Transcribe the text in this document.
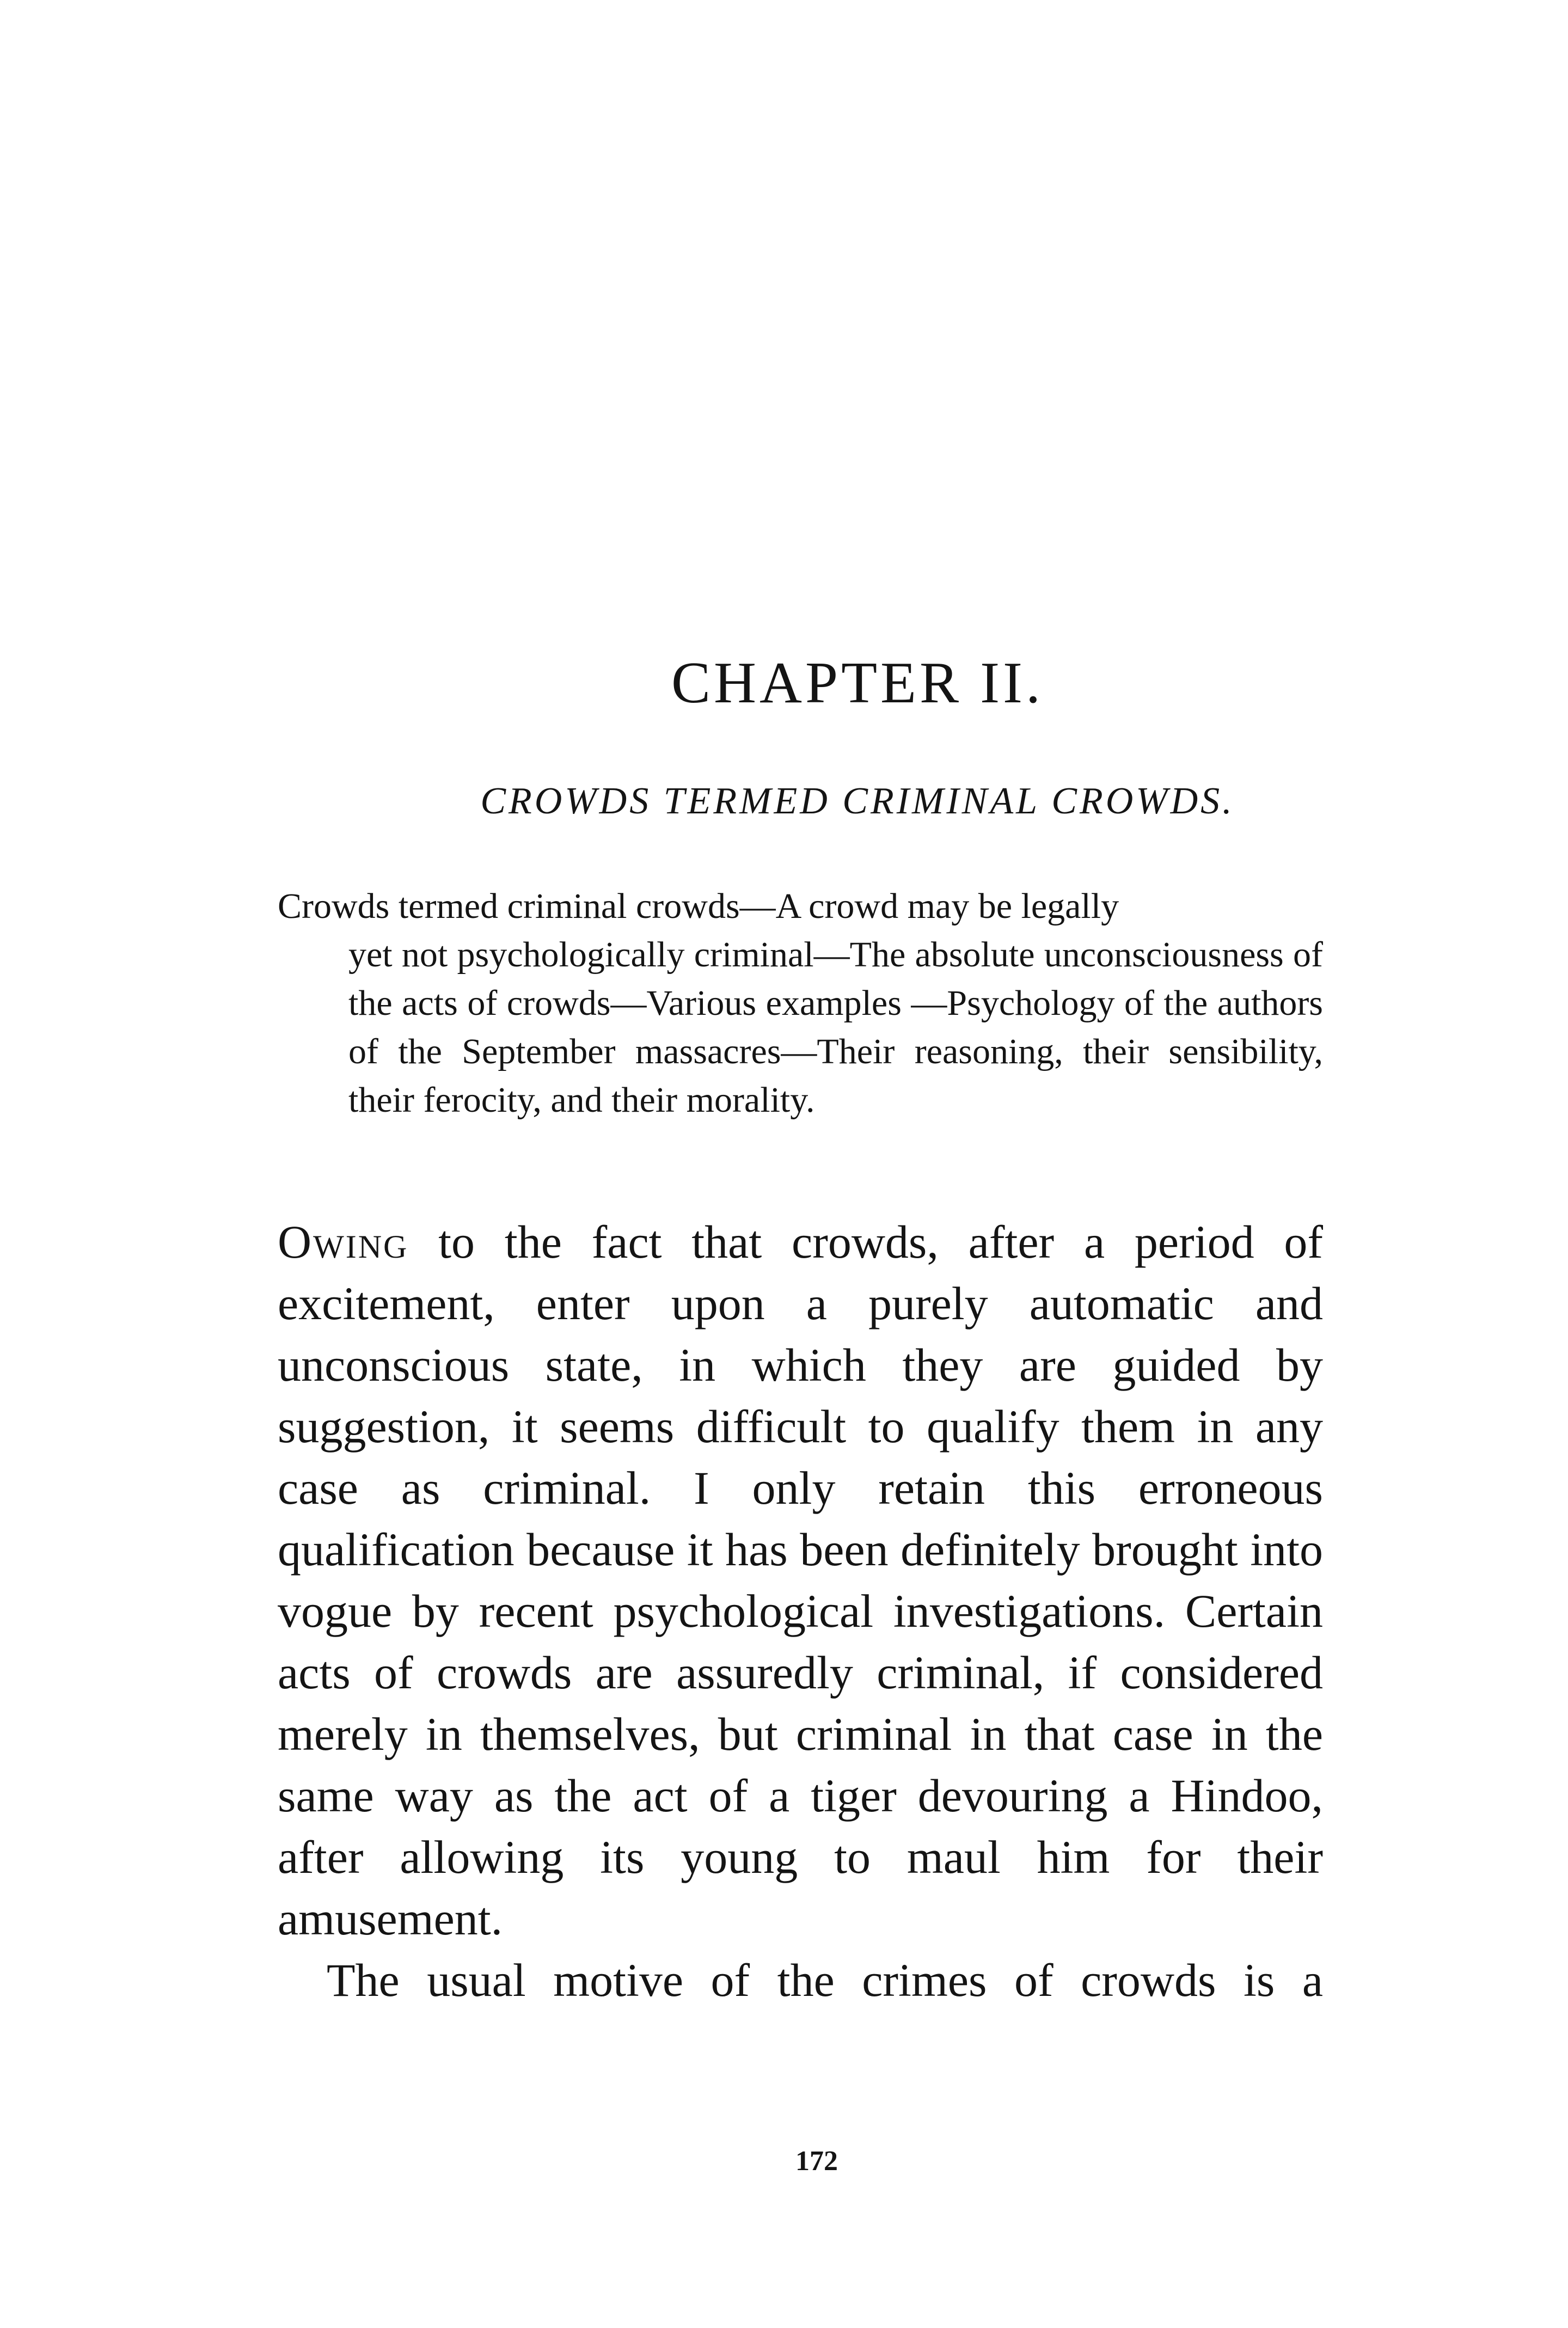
CHAPTER II.
CROWDS TERMED CRIMINAL CROWDS.
Crowds termed criminal crowds—A crowd may be legally
yet not psychologically criminal—The absolute unconsciousness of the acts of crowds—Various examples —Psychology of the authors of the September massacres—Their reasoning, their sensibility, their ferocity, and their morality.

Owing to the fact that crowds, after a period of excitement, enter upon a purely automatic and unconscious state, in which they are guided by suggestion, it seems difficult to qualify them in any case as criminal. I only retain this erroneous qualification because it has been definitely brought into vogue by recent psychological investigations. Certain acts of crowds are assuredly criminal, if considered merely in themselves, but criminal in that case in the same way as the act of a tiger devouring a Hindoo, after allowing its young to maul him for their amusement.

The usual motive of the crimes of crowds is a

172
